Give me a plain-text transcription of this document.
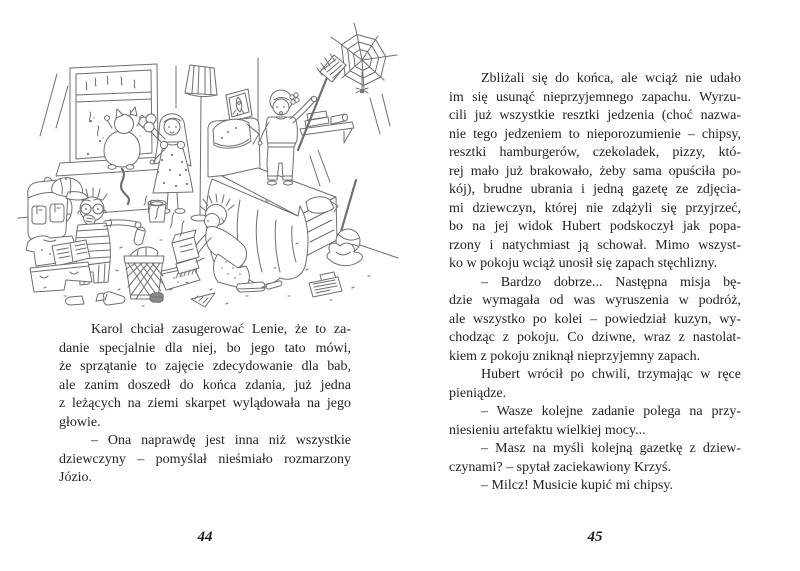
Karol chciał zasugerować Lenie, że to za-
danie specjalnie dla niej, bo jego tato mówi,
że sprzątanie to zajęcie zdecydowanie dla bab,
ale zanim doszedł do końca zdania, już jedna
z leżących na ziemi skarpet wylądowała na jego
głowie.
– Ona naprawdę jest inna niż wszystkie
dziewczyny – pomyślał nieśmiało rozmarzony
Józio.
44
Zbliżali się do końca, ale wciąż nie udało
im się usunąć nieprzyjemnego zapachu. Wyrzu-
cili już wszystkie resztki jedzenia (choć nazwa-
nie tego jedzeniem to nieporozumienie – chipsy,
resztki hamburgerów, czekoladek, pizzy, któ-
rej mało już brakowało, żeby sama opuściła po-
kój), brudne ubrania i jedną gazetę ze zdjęcia-
mi dziewczyn, której nie zdążyli się przyjrzeć,
bo na jej widok Hubert podskoczył jak popa-
rzony i natychmiast ją schował. Mimo wszyst-
ko w pokoju wciąż unosił się zapach stęchlizny.
– Bardzo dobrze... Następna misja bę-
dzie wymagała od was wyruszenia w podróż,
ale wszystko po kolei – powiedział kuzyn, wy-
chodząc z pokoju. Co dziwne, wraz z nastolat-
kiem z pokoju zniknął nieprzyjemny zapach.
Hubert wrócił po chwili, trzymając w ręce
pieniądze.
– Wasze kolejne zadanie polega na przy-
niesieniu artefaktu wielkiej mocy...
– Masz na myśli kolejną gazetkę z dziew-
czynami? – spytał zaciekawiony Krzyś.
– Milcz! Musicie kupić mi chipsy.
45
